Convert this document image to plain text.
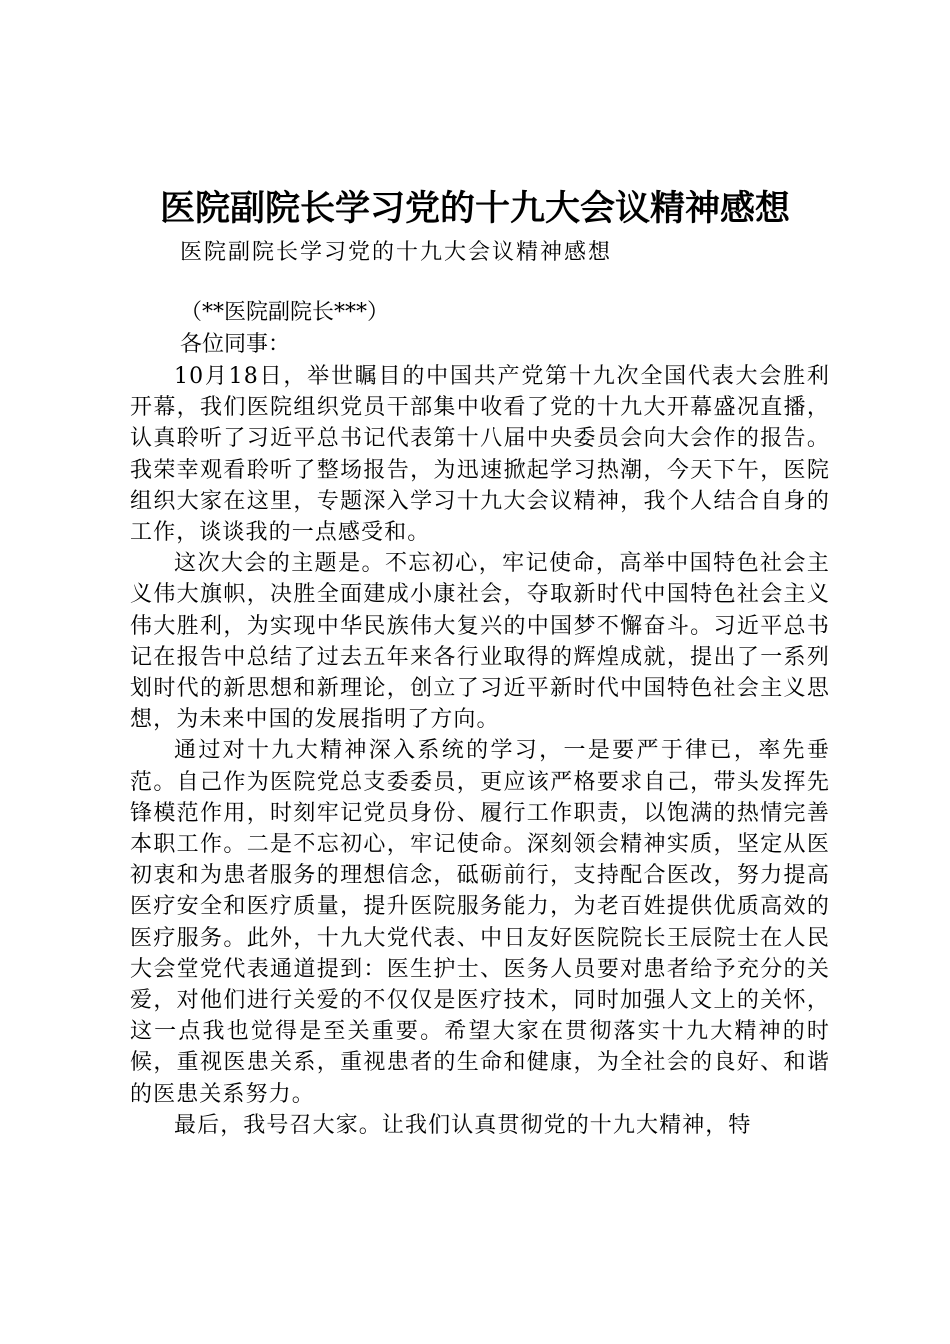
医院副院长学习党的十九大会议精神感想
医院副院长学习党的十九大会议精神感想
（**医院副院长***）
各位同事：

10月18日，举世瞩目的中国共产党第十九次全国代表大会胜利开幕，我们医院组织党员干部集中收看了党的十九大开幕盛况直播，认真聆听了习近平总书记代表第十八届中央委员会向大会作的报告。我荣幸观看聆听了整场报告，为迅速掀起学习热潮，今天下午，医院组织大家在这里，专题深入学习十九大会议精神，我个人结合自身的工作，谈谈我的一点感受和。

这次大会的主题是。不忘初心，牢记使命，高举中国特色社会主义伟大旗帜，决胜全面建成小康社会，夺取新时代中国特色社会主义伟大胜利，为实现中华民族伟大复兴的中国梦不懈奋斗。习近平总书记在报告中总结了过去五年来各行业取得的辉煌成就，提出了一系列划时代的新思想和新理论，创立了习近平新时代中国特色社会主义思想，为未来中国的发展指明了方向。

通过对十九大精神深入系统的学习，一是要严于律已，率先垂范。自己作为医院党总支委委员，更应该严格要求自己，带头发挥先锋模范作用，时刻牢记党员身份、履行工作职责，以饱满的热情完善本职工作。二是不忘初心，牢记使命。深刻领会精神实质，坚定从医初衷和为患者服务的理想信念，砥砺前行，支持配合医改，努力提高医疗安全和医疗质量，提升医院服务能力，为老百姓提供优质高效的医疗服务。此外，十九大党代表、中日友好医院院长王辰院士在人民大会堂党代表通道提到：医生护士、医务人员要对患者给予充分的关爱，对他们进行关爱的不仅仅是医疗技术，同时加强人文上的关怀，这一点我也觉得是至关重要。希望大家在贯彻落实十九大精神的时候，重视医患关系，重视患者的生命和健康，为全社会的良好、和谐的医患关系努力。

最后，我号召大家。让我们认真贯彻党的十九大精神，特
